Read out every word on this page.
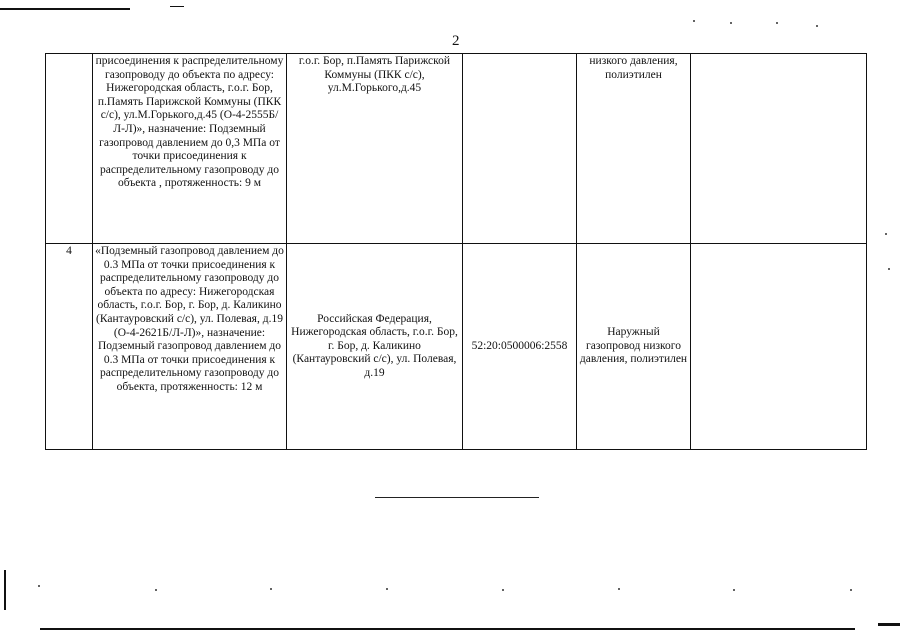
2
	присоединения к распределительному газопроводу до объекта по адресу: Нижегородская область, г.о.г. Бор, п.Память Парижской Коммуны (ПКК с/с), ул.М.Горького,д.45 (О-4-2555Б/Л-Л)», назначение: Подземный газопровод давлением до 0,3 МПа от точки присоединения к распределительному газопроводу до объекта , протяженность: 9 м	г.о.г. Бор, п.Память Парижской Коммуны (ПКК с/с), ул.М.Горького,д.45		низкого давления, полиэтилен	
4	«Подземный газопровод давлением до 0.3 МПа от точки присоединения к распределительному газопроводу до объекта по адресу: Нижегородская область, г.о.г. Бор, г. Бор, д. Каликино (Кантауровский с/с), ул. Полевая, д.19 (О-4-2621Б/Л-Л)», назначение: Подземный газопровод давлением до 0.3 МПа от точки присоединения к распределительному газопроводу до объекта, протяженность: 12 м	Российская Федерация, Нижегородская область, г.о.г. Бор, г. Бор, д. Каликино (Кантауровский с/с), ул. Полевая, д.19	52:20:0500006:2558	Наружный газопровод низкого давления, полиэтилен	
